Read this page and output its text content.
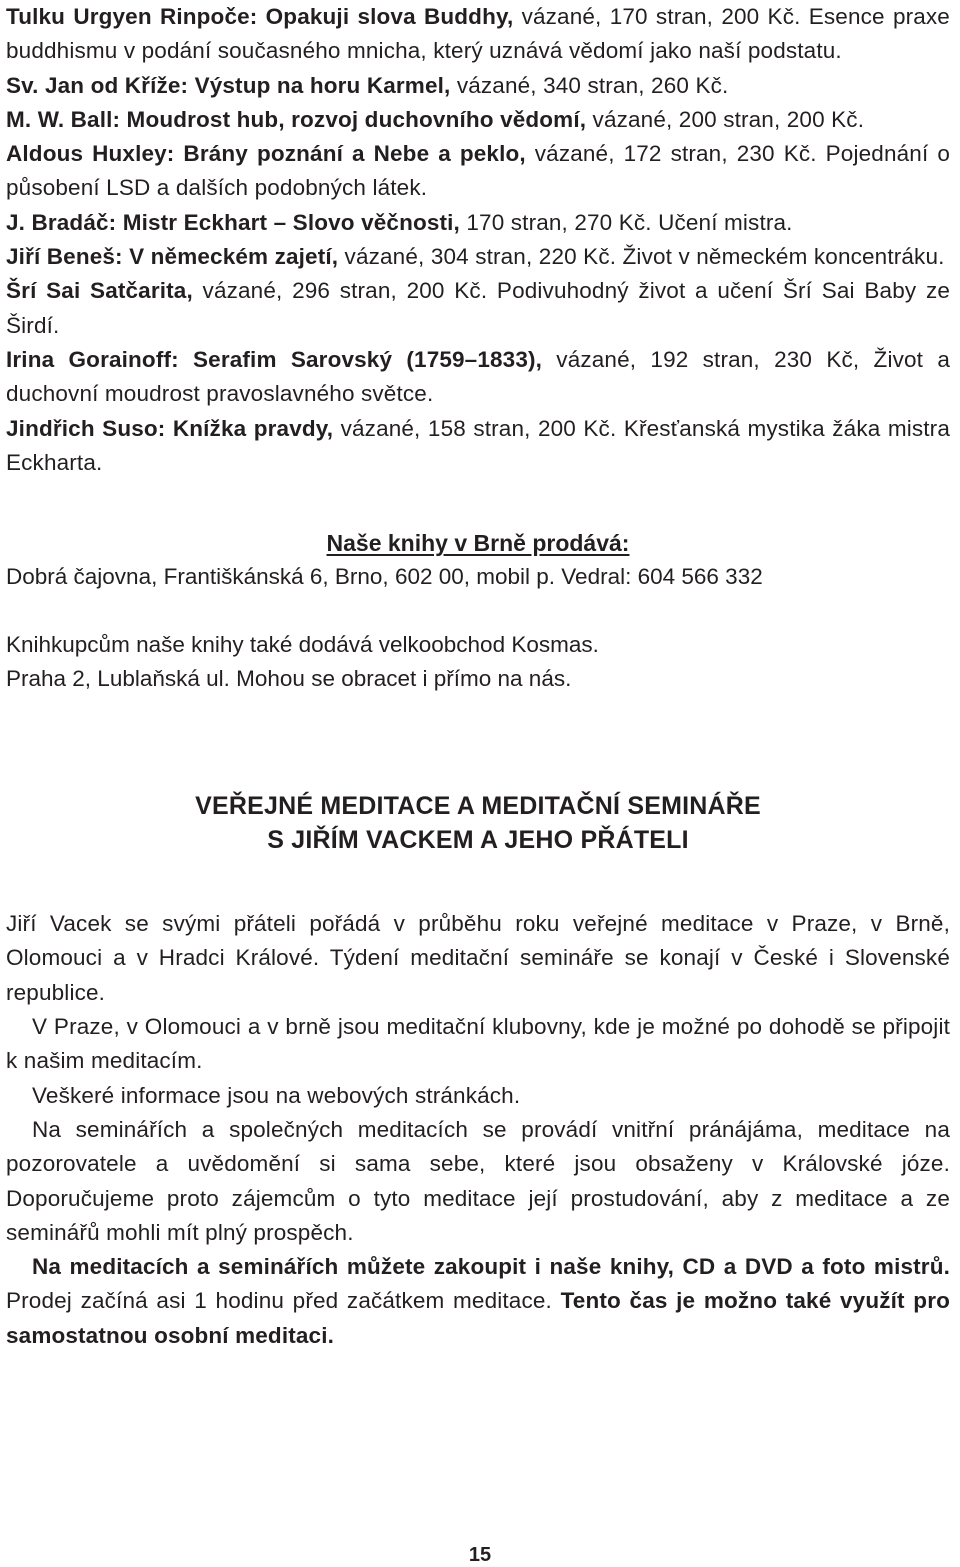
Tulku Urgyen Rinpoče: Opakuji slova Buddhy, vázané, 170 stran, 200 Kč. Esence praxe buddhismu v podání současného mnicha, který uznává vědomí jako naší podstatu.

Sv. Jan od Kříže: Výstup na horu Karmel, vázané, 340 stran, 260 Kč.

M. W. Ball: Moudrost hub, rozvoj duchovního vědomí, vázané, 200 stran, 200 Kč.

Aldous Huxley: Brány poznání a Nebe a peklo, vázané, 172 stran, 230 Kč. Pojednání o působení LSD a dalších podobných látek.

J. Bradáč: Mistr Eckhart – Slovo věčnosti, 170 stran, 270 Kč. Učení mistra.

Jiří Beneš: V německém zajetí, vázané, 304 stran, 220 Kč. Život v německém koncentráku.

Šrí Sai Satčarita, vázané, 296 stran, 200 Kč. Podivuhodný život a učení Šrí Sai Baby ze Širdí.

Irina Gorainoff: Serafim Sarovský (1759–1833), vázané, 192 stran, 230 Kč, Život a duchovní moudrost pravoslavného světce.

Jindřich Suso: Knížka pravdy, vázané, 158 stran, 200 Kč. Křesťanská mystika žáka mistra Eckharta.

Naše knihy v Brně prodává:

Dobrá čajovna, Františkánská 6, Brno, 602 00, mobil p. Vedral: 604 566 332

Knihkupcům naše knihy také dodává velkoobchod Kosmas.

Praha 2, Lublaňská ul. Mohou se obracet i přímo na nás.

VEŘEJNÉ MEDITACE A MEDITAČNÍ SEMINÁŘE
S JIŘÍM VACKEM A JEHO PŘÁTELI

Jiří Vacek se svými přáteli pořádá v průběhu roku veřejné meditace v Praze, v Brně, Olomouci a v Hradci Králové. Týdení meditační semináře se konají v České i Slovenské republice.

V Praze, v Olomouci a v brně jsou meditační klubovny, kde je možné po dohodě se připojit k našim meditacím.

Veškeré informace jsou na webových stránkách.

Na seminářích a společných meditacích se provádí vnitřní pránájáma, meditace na pozorovatele a uvědomění si sama sebe, které jsou obsaženy v Královské józe. Doporučujeme proto zájemcům o tyto meditace její prostudování, aby z meditace a ze seminářů mohli mít plný prospěch.

Na meditacích a seminářích můžete zakoupit i naše knihy, CD a DVD a foto mistrů. Prodej začíná asi 1 hodinu před začátkem meditace. Tento čas je možno také využít pro samostatnou osobní meditaci.

15
